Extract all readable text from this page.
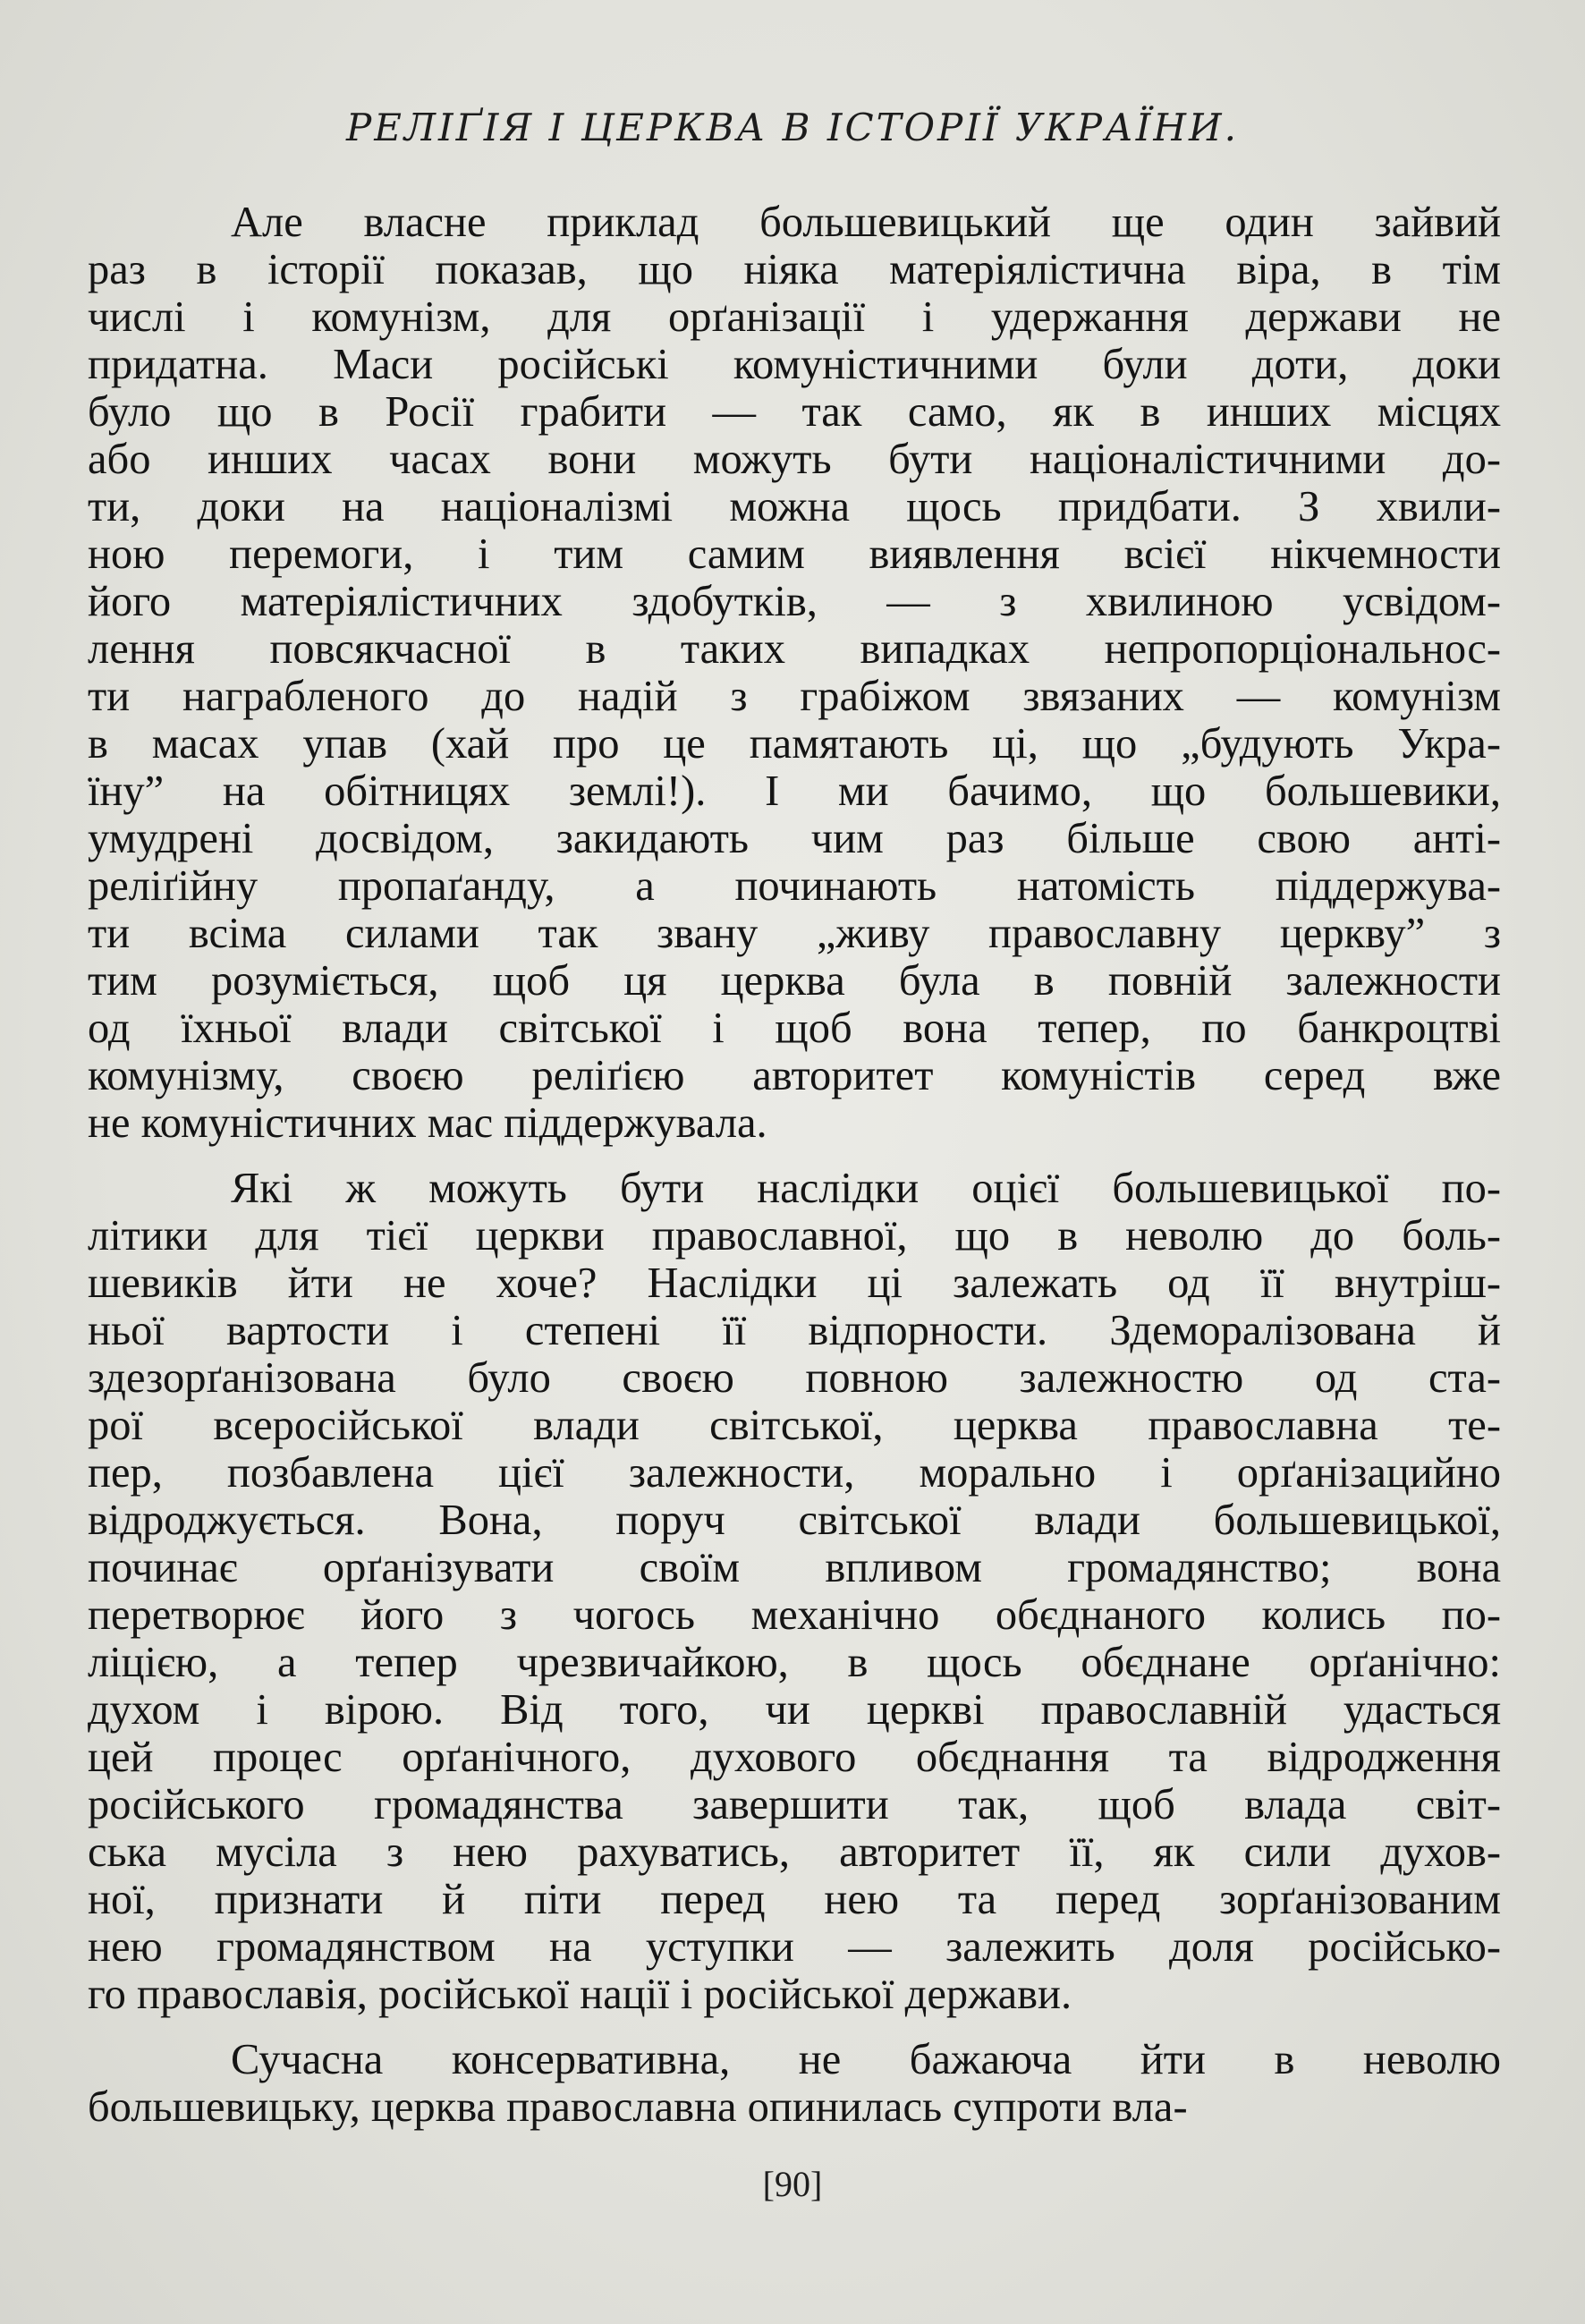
РЕЛІҐІЯ І ЦЕРКВА В ІСТОРІЇ УКРАЇНИ.
Але власне приклад большевицький ще один зайвий
раз в історії показав, що ніяка матеріялістична віра, в тім
числі і комунізм, для орґанізації і удержання держави не
придатна. Маси російські комуністичними були доти, доки
було що в Росії грабити — так само, як в инших місцях
або инших часах вони можуть бути націоналістичними до-
ти, доки на націоналізмі можна щось придбати. З хвили-
ною перемоги, і тим самим виявлення всієї нікчемности
його матеріялістичних здобутків, — з хвилиною усвідом-
лення повсякчасної в таких випадках непропорціональнос-
ти награбленого до надій з грабіжом звязаних — комунізм
в масах упав (хай про це памятають ці, що „будують Укра-
їну” на обітницях землі!). І ми бачимо, що большевики,
умудрені досвідом, закидають чим раз більше свою анті-
реліґійну пропаґанду, а починають натомість піддержува-
ти всіма силами так звану „живу православну церкву” з
тим розуміється, щоб ця церква була в повній залежности
од їхньої влади світської і щоб вона тепер, по банкроцтві
комунізму, своєю реліґією авторитет комуністів серед вже
не комуністичних мас піддержувала.
Які ж можуть бути наслідки оцієї большевицької по-
літики для тієї церкви православної, що в неволю до боль-
шевиків йти не хоче? Наслідки ці залежать од її внутріш-
ньої вартости і степені її відпорности. Здеморалізована й
здезорґанізована було своєю повною залежностю од ста-
рої всеросійської влади світської, церква православна те-
пер, позбавлена цієї залежности, морально і орґанізацийно
відроджується. Вона, поруч світської влади большевицької,
починає орґанізувати своїм впливом громадянство; вона
перетворює його з чогось механічно обєднаного колись по-
ліцією, а тепер чрезвичайкою, в щось обєднане орґанічно:
духом і вірою. Від того, чи церкві православній удасться
цей процес орґанічного, духового обєднання та відродження
російського громадянства завершити так, щоб влада світ-
ська мусіла з нею рахуватись, авторитет її, як сили духов-
ної, признати й піти перед нею та перед зорґанізованим
нею громадянством на уступки — залежить доля російсько-
го православія, російської нації і російської держави.
Сучасна консервативна, не бажаюча йти в неволю
большевицьку, церква православна опинилась супроти вла-
[90]
